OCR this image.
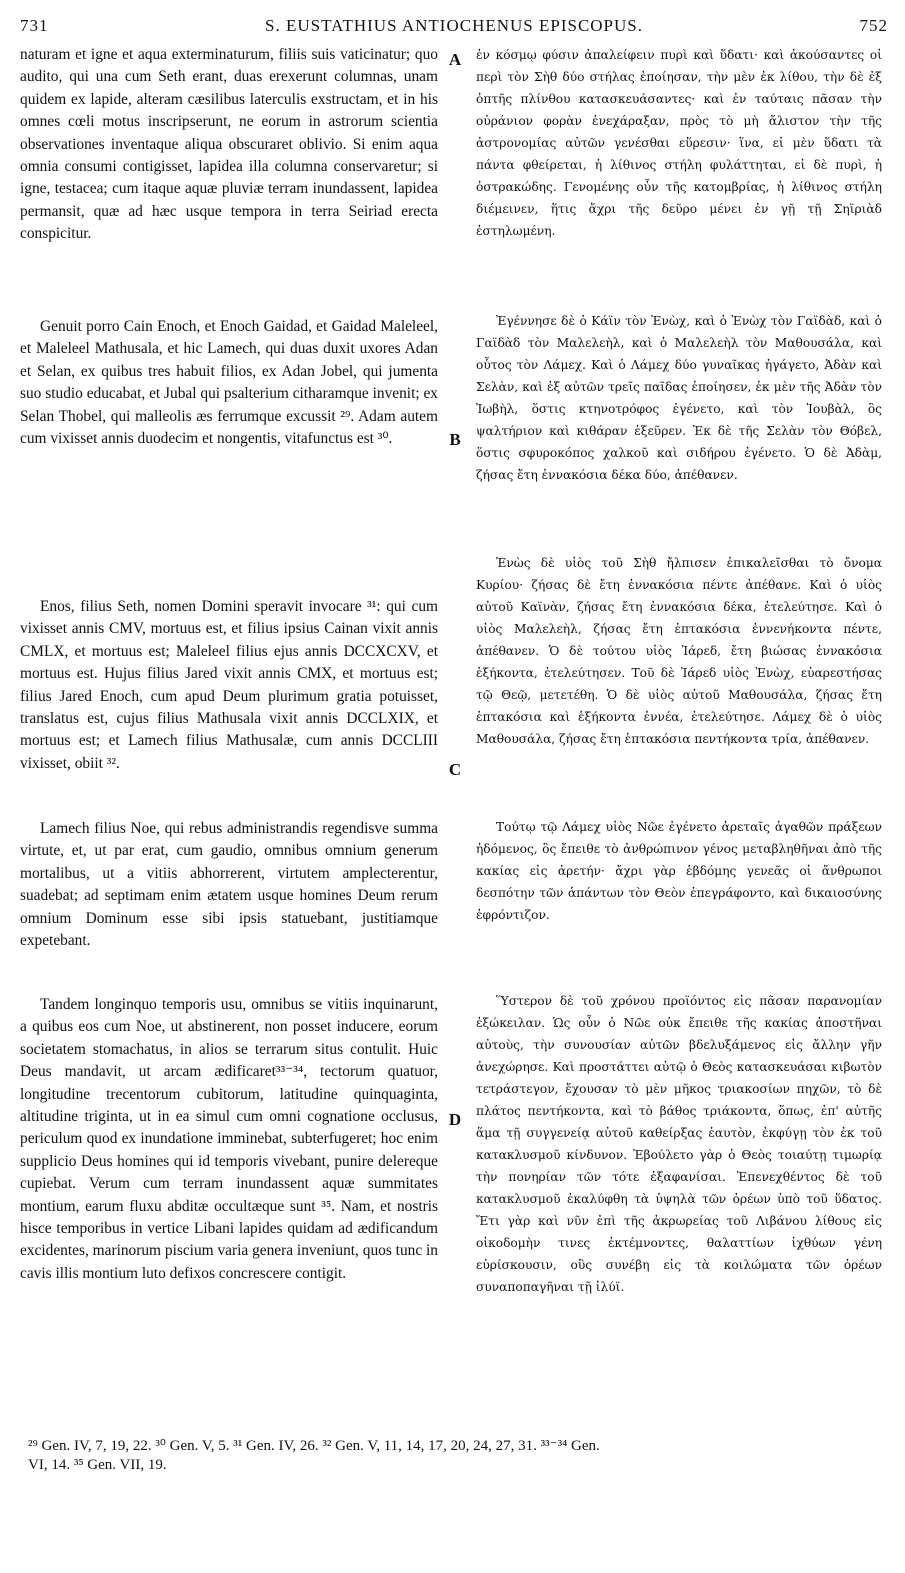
731	S. EUSTATHIUS ANTIOCHENUS EPISCOPUS.	752

naturam et igne et aqua exterminaturum, filiis suis vaticinatur; quo audito, qui una cum Seth erant, duas erexerunt columnas, unam quidem ex lapide, alteram cæsilibus laterculis exstructam, et in his omnes cœli motus inscripserunt, ne eorum in astrorum scientia observationes inventaque aliqua obscuraret oblivio. Si enim aqua omnia consumi contigisset, lapidea illa columna conservaretur; si igne, testacea; cum itaque aquæ pluviæ terram inundassent, lapidea permansit, quæ ad hæc usque tempora in terra Seiriad erecta conspicitur.

Genuit porro Cain Enoch, et Enoch Gaidad, et Gaidad Maleleel, et Maleleel Mathusala, et hic Lamech, qui duas duxit uxores Adan et Selan, ex quibus tres habuit filios, ex Adan Jobel, qui jumenta suo studio educabat, et Jubal qui psalterium citharamque invenit; ex Selan Thobel, qui malleolis æs ferrumque excussit ²⁹. Adam autem cum vixisset annis duodecim et nongentis, vitafunctus est ³⁰.

Enos, filius Seth, nomen Domini speravit invocare ³¹: qui cum vixisset annis CMV, mortuus est, et filius ipsius Cainan vixit annis CMLX, et mortuus est; Maleleel filius ejus annis DCCXCXV, et mortuus est. Hujus filius Jared vixit annis CMX, et mortuus est; filius Jared Enoch, cum apud Deum plurimum gratia potuisset, translatus est, cujus filius Mathusala vixit annis DCCLXIX, et mortuus est; et Lamech filius Mathusalæ, cum annis DCCLIII vixisset, obiit ³².

Lamech filius Noe, qui rebus administrandis regendisve summa virtute, et, ut par erat, cum gaudio, omnibus omnium generum mortalibus, ut a vitiis abhorrerent, virtutem amplecterentur, suadebat; ad septimam enim ætatem usque homines Deum rerum omnium Dominum esse sibi ipsis statuebant, justitiamque expetebant.

Tandem longinquo temporis usu, omnibus se vitiis inquinarunt, a quibus eos cum Noe, ut abstinerent, non posset inducere, eorum societatem stomachatus, in alios se terrarum situs contulit. Huic Deus mandavit, ut arcam ædificaret³³⁻³⁴, tectorum quatuor, longitudine trecentorum cubitorum, latitudine quinquaginta, altitudine triginta, ut in ea simul cum omni cognatione occlusus, periculum quod ex inundatione imminebat, subterfugeret; hoc enim supplicio Deus homines qui id temporis vivebant, punire delereque cupiebat. Verum cum terram inundassent aquæ summitates montium, earum fluxu abditæ occultæque sunt ³⁵. Nam, et nostris hisce temporibus in vertice Libani lapides quidam ad ædificandum excidentes, marinorum piscium varia genera inveniunt, quos tunc in cavis illis montium luto defixos concrescere contigit.

A
B
C
D

ἐν κόσμῳ φύσιν ἀπαλείφειν πυρὶ καὶ ὕδατι· καὶ ἀκούσαντες οἱ περὶ τὸν Σὴθ δύο στήλας ἐποίησαν, τὴν μὲν ἐκ λίθου, τὴν δὲ ἐξ ὀπτῆς πλίνθου κατασκευάσαντες· καὶ ἐν ταύταις πᾶσαν τὴν οὐράνιον φορὰν ἐνεχάραξαν, πρὸς τὸ μὴ ἄλιστον τὴν τῆς ἀστρονομίας αὐτῶν γενέσθαι εὕρεσιν· ἵνα, εἰ μὲν ὕδατι τὰ πάντα φθείρεται, ἡ λίθινος στήλη φυλάττηται, εἰ δὲ πυρὶ, ἡ ὀστρακώδης. Γενομένης οὖν τῆς κατομβρίας, ἡ λίθινος στήλη διέμεινεν, ἥτις ἄχρι τῆς δεῦρο μένει ἐν γῇ τῇ Σηϊριὰδ ἐστηλωμένη.

Ἐγέννησε δὲ ὁ Κάϊν τὸν Ἐνὼχ, καὶ ὁ Ἐνὼχ τὸν Γαϊδὰδ, καὶ ὁ Γαϊδὰδ τὸν Μαλελεὴλ, καὶ ὁ Μαλελεὴλ τὸν Μαθουσάλα, καὶ οὗτος τὸν Λάμεχ. Καὶ ὁ Λάμεχ δύο γυναῖκας ἠγάγετο, Ἀδὰν καὶ Σελὰν, καὶ ἐξ αὐτῶν τρεῖς παῖδας ἐποίησεν, ἐκ μὲν τῆς Ἀδὰν τὸν Ἰωβὴλ, ὅστις κτηνοτρόφος ἐγένετο, καὶ τὸν Ἰουβὰλ, ὃς ψαλτήριον καὶ κιθάραν ἐξεῦρεν. Ἐκ δὲ τῆς Σελὰν τὸν Θόβελ, ὅστις σφυροκόπος χαλκοῦ καὶ σιδήρου ἐγένετο. Ὁ δὲ Ἀδὰμ, ζήσας ἔτη ἐννακόσια δέκα δύο, ἀπέθανεν.

Ἐνὼς δὲ υἱὸς τοῦ Σὴθ ἤλπισεν ἐπικαλεῖσθαι τὸ ὄνομα Κυρίου· ζήσας δὲ ἔτη ἐννακόσια πέντε ἀπέθανε. Καὶ ὁ υἱὸς αὐτοῦ Καϊνὰν, ζήσας ἔτη ἐννακόσια δέκα, ἐτελεύτησε. Καὶ ὁ υἱὸς Μαλελεὴλ, ζήσας ἔτη ἑπτακόσια ἐννενήκοντα πέντε, ἀπέθανεν. Ὁ δὲ τούτου υἱὸς Ἰάρεδ, ἔτη βιώσας ἐννακόσια ἑξήκοντα, ἐτελεύτησεν. Τοῦ δὲ Ἰάρεδ υἱὸς Ἐνὼχ, εὐαρεστήσας τῷ Θεῷ, μετετέθη. Ὁ δὲ υἱὸς αὐτοῦ Μαθουσάλα, ζήσας ἔτη ἑπτακόσια καὶ ἑξήκοντα ἐννέα, ἐτελεύτησε. Λάμεχ δὲ ὁ υἱὸς Μαθουσάλα, ζήσας ἔτη ἑπτακόσια πεντήκοντα τρία, ἀπέθανεν.

Τούτῳ τῷ Λάμεχ υἱὸς Νῶε ἐγένετο ἀρεταῖς ἀγαθῶν πράξεων ἡδόμενος, ὃς ἔπειθε τὸ ἀνθρώπινον γένος μεταβληθῆναι ἀπὸ τῆς κακίας εἰς ἀρετήν· ἄχρι γὰρ ἑβδόμης γενεᾶς οἱ ἄνθρωποι δεσπότην τῶν ἁπάντων τὸν Θεὸν ἐπεγράφοντο, καὶ δικαιοσύνης ἐφρόντιζον.

Ὕστερον δὲ τοῦ χρόνου προϊόντος εἰς πᾶσαν παρανομίαν ἐξώκειλαν. Ὡς οὖν ὁ Νῶε οὐκ ἔπειθε τῆς κακίας ἀποστῆναι αὐτοὺς, τὴν συνουσίαν αὐτῶν βδελυξάμενος εἰς ἄλλην γῆν ἀνεχώρησε. Καὶ προστάττει αὐτῷ ὁ Θεὸς κατασκευάσαι κιβωτὸν τετράστεγον, ἔχουσαν τὸ μὲν μῆκος τριακοσίων πηχῶν, τὸ δὲ πλάτος πεντήκοντα, καὶ τὸ βάθος τριάκοντα, ὅπως, ἐπ' αὐτῆς ἅμα τῇ συγγενείᾳ αὐτοῦ καθείρξας ἑαυτὸν, ἐκφύγῃ τὸν ἐκ τοῦ κατακλυσμοῦ κίνδυνον. Ἐβούλετο γὰρ ὁ Θεὸς τοιαύτῃ τιμωρίᾳ τὴν πονηρίαν τῶν τότε ἐξαφανίσαι. Ἐπενεχθέντος δὲ τοῦ κατακλυσμοῦ ἐκαλύφθη τὰ ὑψηλὰ τῶν ὀρέων ὑπὸ τοῦ ὕδατος. Ἔτι γὰρ καὶ νῦν ἐπὶ τῆς ἀκρωρείας τοῦ Λιβάνου λίθους εἰς οἰκοδομὴν τινες ἐκτέμνοντες, θαλαττίων ἰχθύων γένη εὑρίσκουσιν, οὓς συνέβη εἰς τὰ κοιλώματα τῶν ὀρέων συναποπαγῆναι τῇ ἰλύϊ.

²⁹ Gen. IV, 7, 19, 22. ³⁰ Gen. V, 5. ³¹ Gen. IV, 26. ³² Gen. V, 11, 14, 17, 20, 24, 27, 31. ³³⁻³⁴ Gen.
VI, 14. ³⁵ Gen. VII, 19.
